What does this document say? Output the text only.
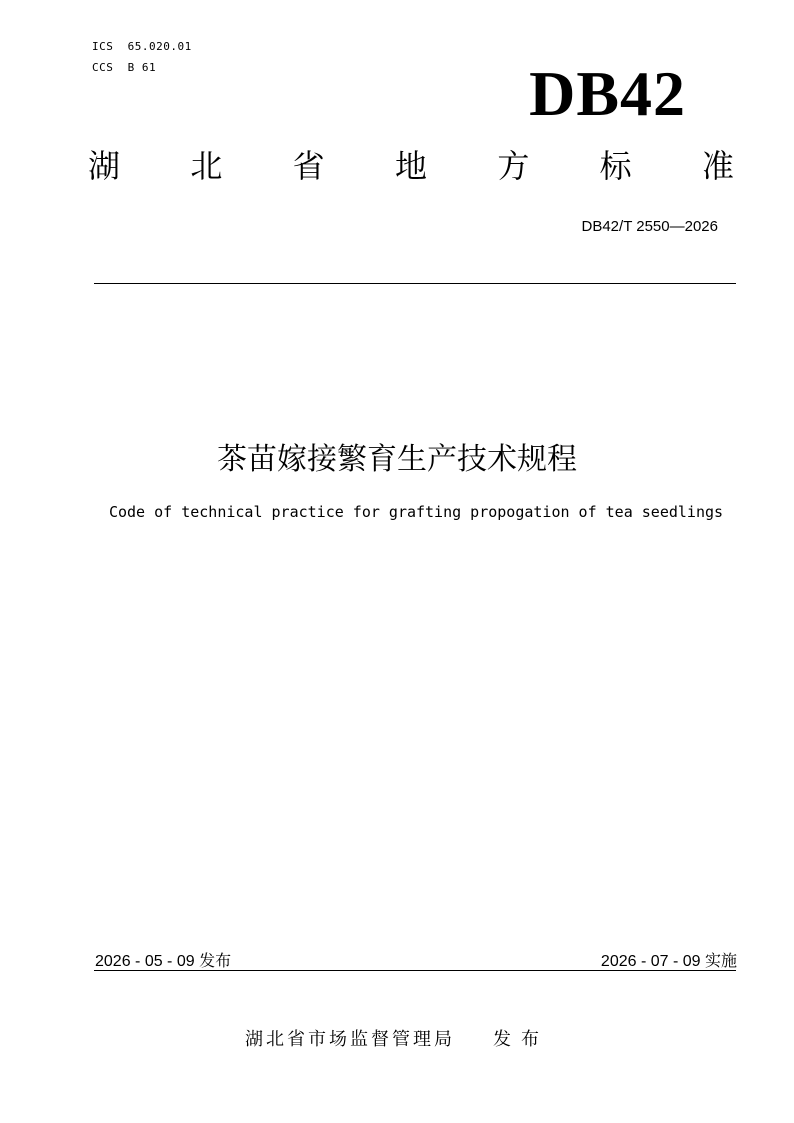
ICS  65.020.01
CCS  B 61	DB42
湖 北 省 地 方 标 准
DB42/T 2550—2026
茶苗嫁接繁育生产技术规程
Code of technical practice for grafting propogation of tea seedlings
2026 - 05 - 09 发布	2026 - 07 - 09 实施
湖北省市场监督管理局 发布
